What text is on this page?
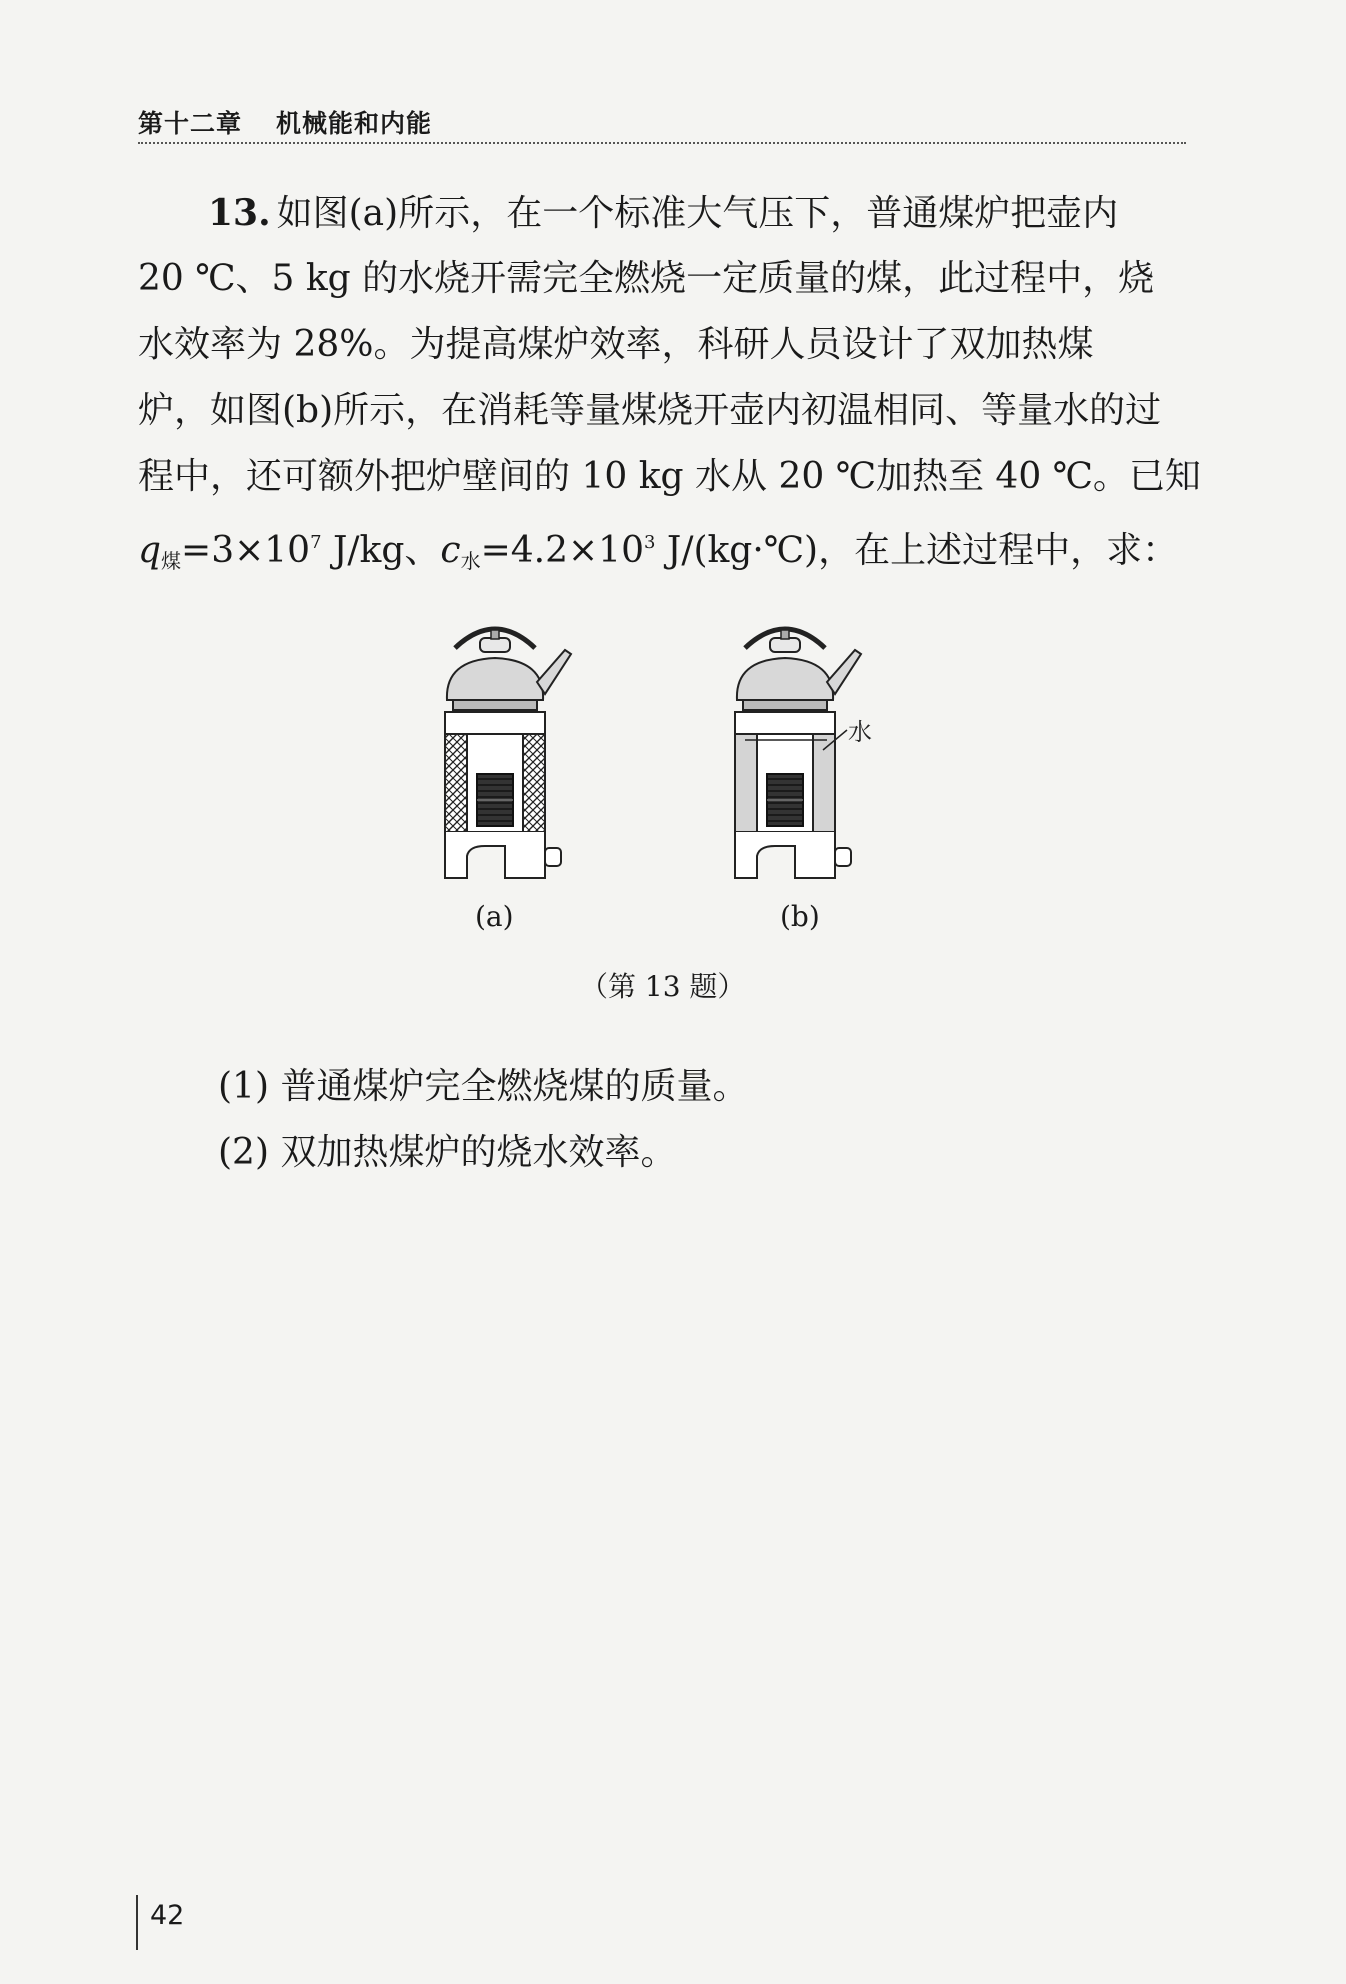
第十二章 机械能和内能
13. 如图(a)所示，在一个标准大气压下，普通煤炉把壶内
20 ℃、5 kg 的水烧开需完全燃烧一定质量的煤，此过程中，烧
水效率为 28%。为提高煤炉效率，科研人员设计了双加热煤
炉，如图(b)所示，在消耗等量煤烧开壶内初温相同、等量水的过
程中，还可额外把炉壁间的 10 kg 水从 20 ℃加热至 40 ℃。已知
$q_煤=3\times 10^7$ J/kg、$c_水=4.2\times 10^3$ J/(kg·℃)，在上述过程中，求：
水
(a)	(b)
（第 13 题）
(1) 普通煤炉完全燃烧煤的质量。
(2) 双加热煤炉的烧水效率。
42
